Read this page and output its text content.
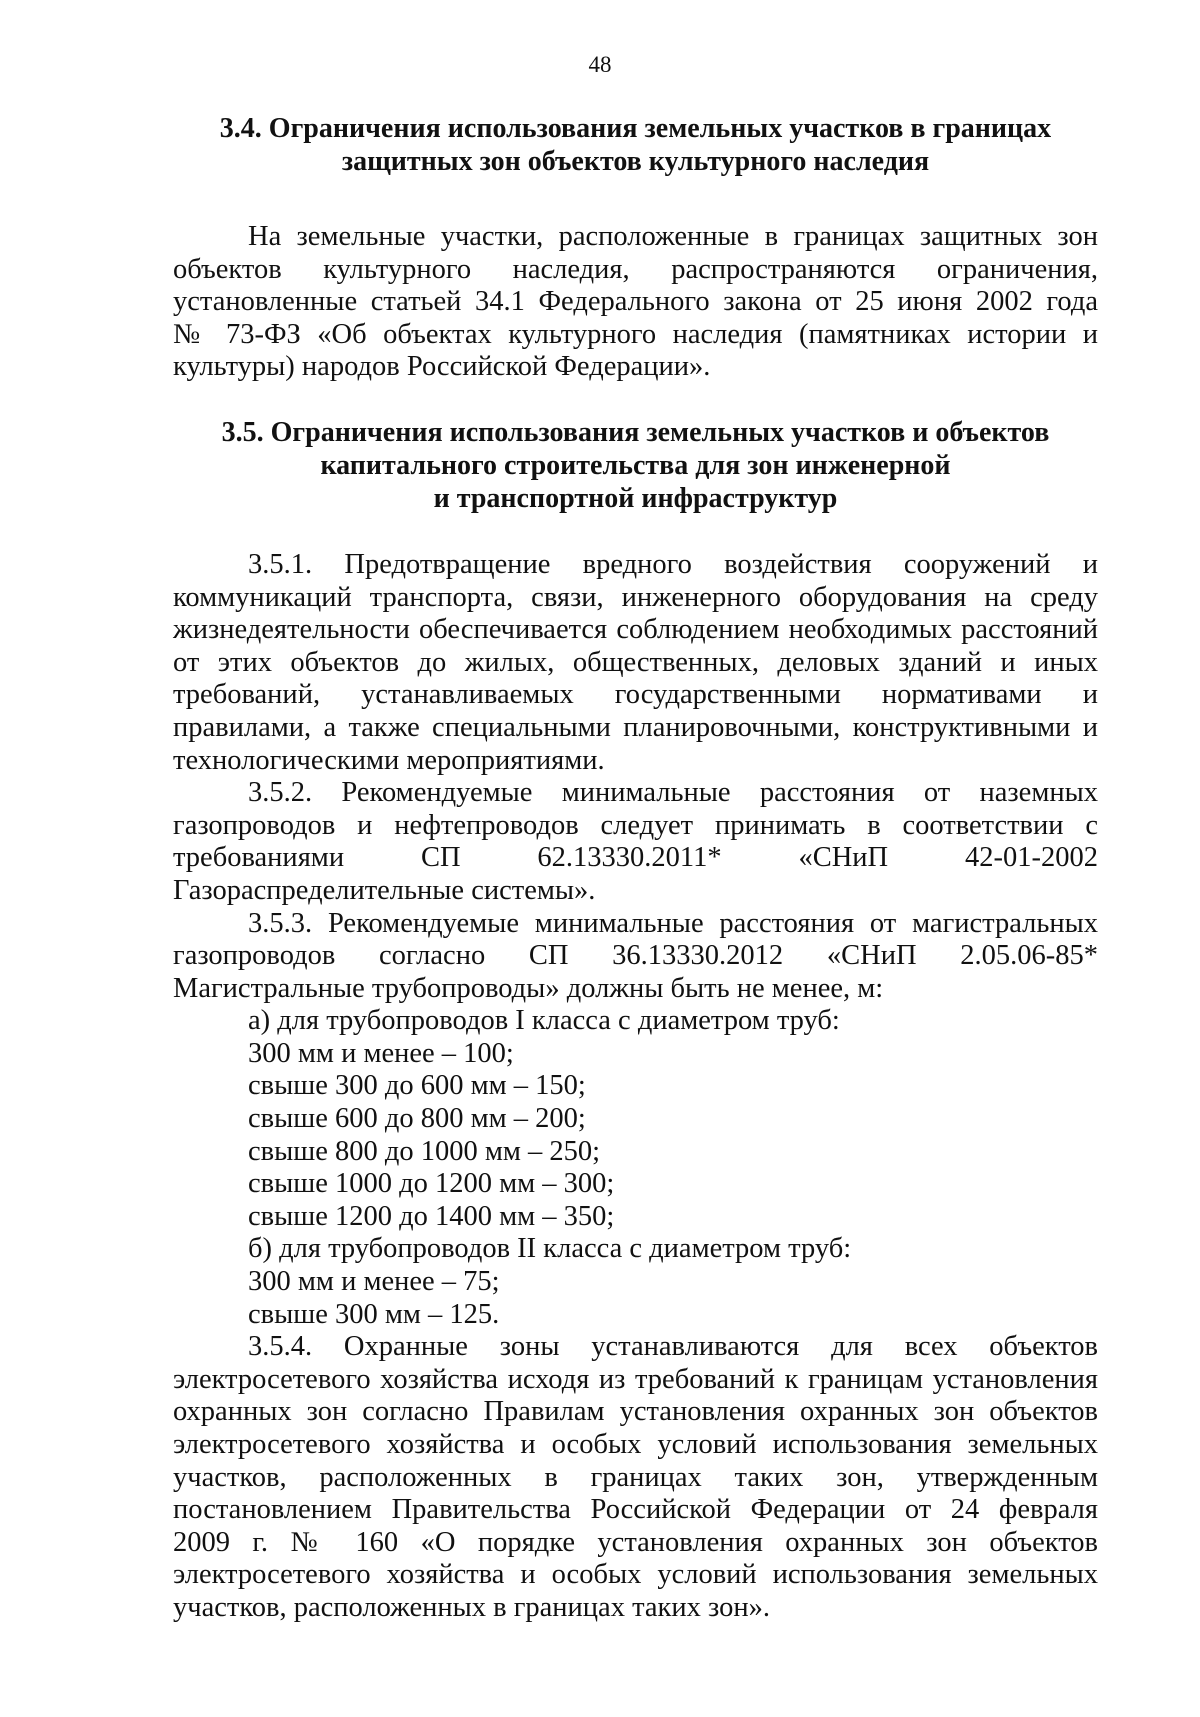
48
3.4. Ограничения использования земельных участков в границах
защитных зон объектов культурного наследия
На земельные участки, расположенные в границах защитных зон
объектов культурного наследия, распространяются ограничения,
установленные статьей 34.1 Федерального закона от 25 июня 2002 года
№ 73-ФЗ «Об объектах культурного наследия (памятниках истории и
культуры) народов Российской Федерации».
3.5. Ограничения использования земельных участков и объектов
капитального строительства для зон инженерной
и транспортной инфраструктур
3.5.1. Предотвращение вредного воздействия сооружений и
коммуникаций транспорта, связи, инженерного оборудования на среду
жизнедеятельности обеспечивается соблюдением необходимых расстояний
от этих объектов до жилых, общественных, деловых зданий и иных
требований, устанавливаемых государственными нормативами и
правилами, а также специальными планировочными, конструктивными и
технологическими мероприятиями.
3.5.2. Рекомендуемые минимальные расстояния от наземных
газопроводов и нефтепроводов следует принимать в соответствии с
требованиями СП 62.13330.2011* «СНиП 42-01-2002
Газораспределительные системы».
3.5.3. Рекомендуемые минимальные расстояния от магистральных
газопроводов согласно СП 36.13330.2012 «СНиП 2.05.06-85*
Магистральные трубопроводы» должны быть не менее, м:
а) для трубопроводов I класса с диаметром труб:
300 мм и менее – 100;
свыше 300 до 600 мм – 150;
свыше 600 до 800 мм – 200;
свыше 800 до 1000 мм – 250;
свыше 1000 до 1200 мм – 300;
свыше 1200 до 1400 мм – 350;
б) для трубопроводов II класса с диаметром труб:
300 мм и менее – 75;
свыше 300 мм – 125.
3.5.4. Охранные зоны устанавливаются для всех объектов
электросетевого хозяйства исходя из требований к границам установления
охранных зон согласно Правилам установления охранных зон объектов
электросетевого хозяйства и особых условий использования земельных
участков, расположенных в границах таких зон, утвержденным
постановлением Правительства Российской Федерации от 24 февраля
2009 г. № 160 «О порядке установления охранных зон объектов
электросетевого хозяйства и особых условий использования земельных
участков, расположенных в границах таких зон».
